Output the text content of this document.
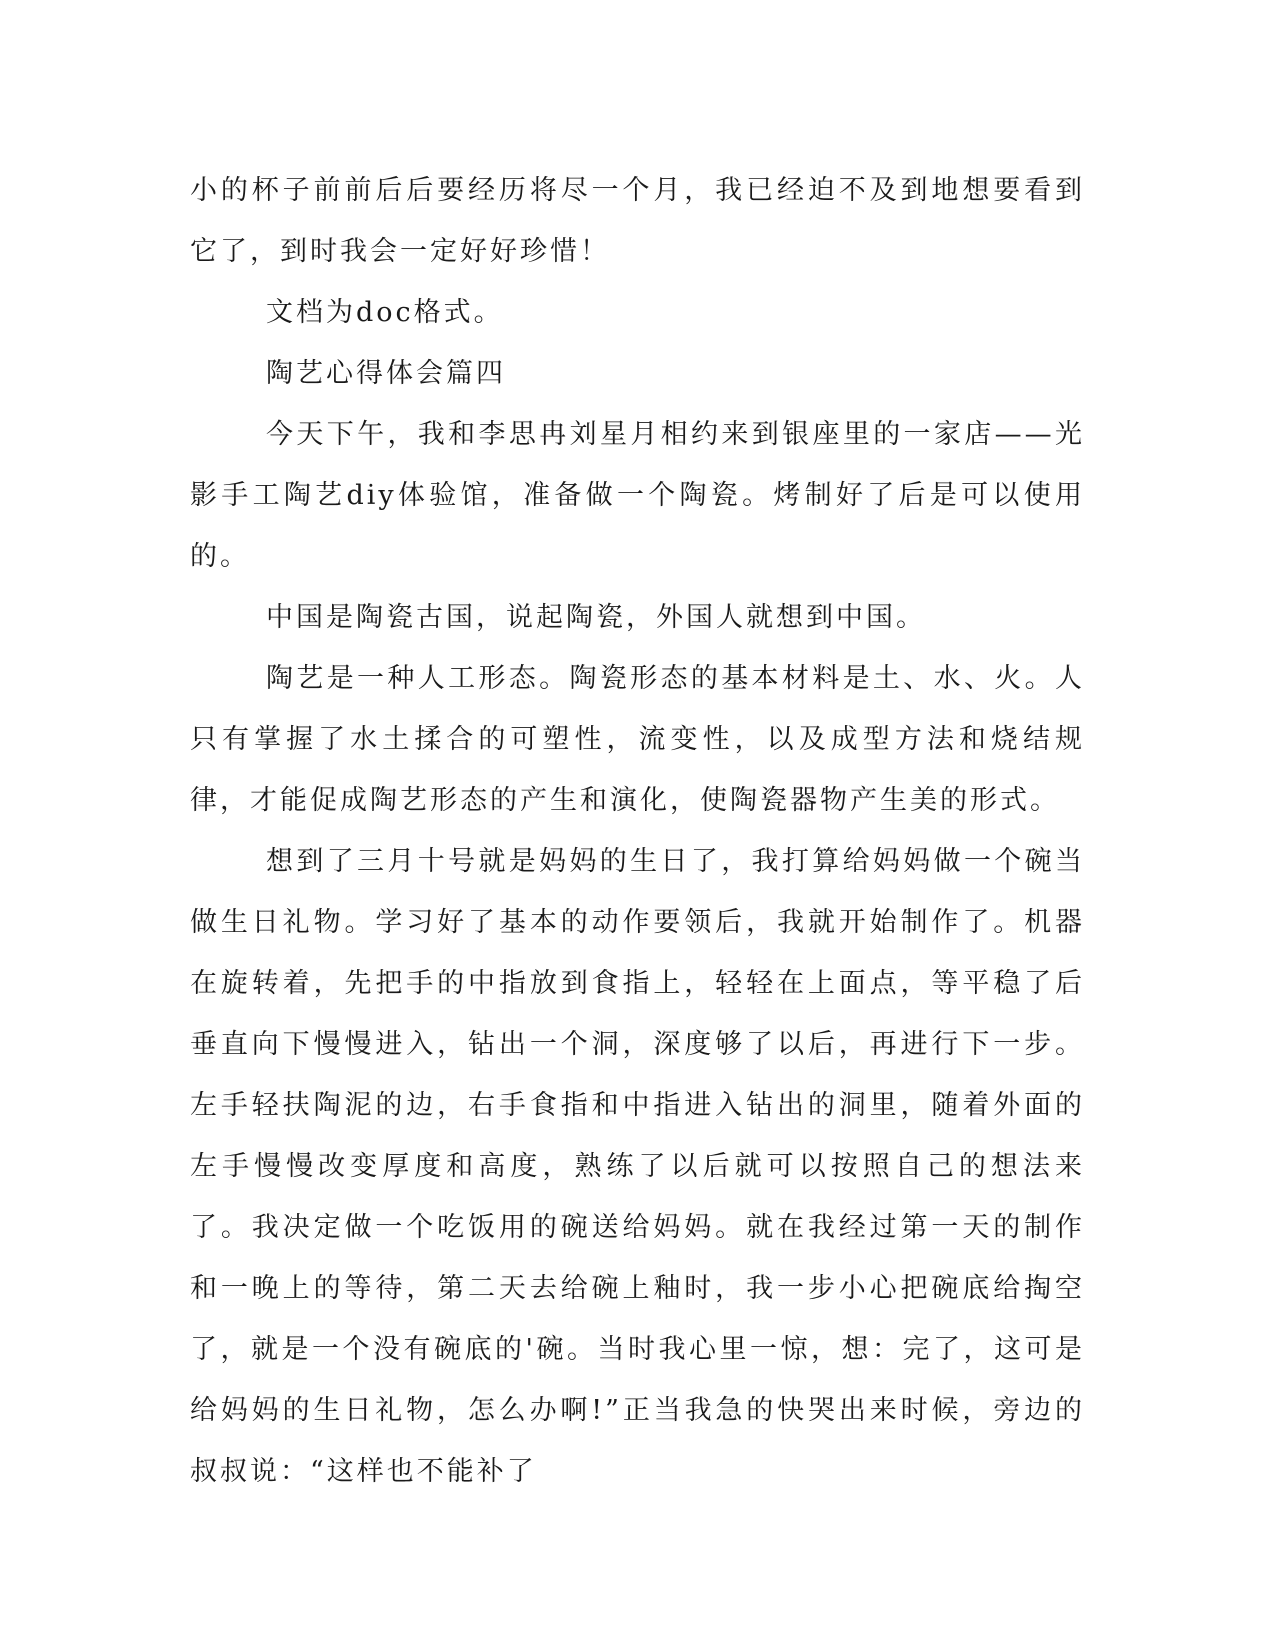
小的杯子前前后后要经历将尽一个月，我已经迫不及到地想要看到它了，到时我会一定好好珍惜！

文档为doc格式。

陶艺心得体会篇四

今天下午，我和李思冉刘星月相约来到银座里的一家店——光影手工陶艺diy体验馆，准备做一个陶瓷。烤制好了后是可以使用的。

中国是陶瓷古国，说起陶瓷，外国人就想到中国。

陶艺是一种人工形态。陶瓷形态的基本材料是土、水、火。人只有掌握了水土揉合的可塑性，流变性，以及成型方法和烧结规律，才能促成陶艺形态的产生和演化，使陶瓷器物产生美的形式。

想到了三月十号就是妈妈的生日了，我打算给妈妈做一个碗当做生日礼物。学习好了基本的动作要领后，我就开始制作了。机器在旋转着，先把手的中指放到食指上，轻轻在上面点，等平稳了后垂直向下慢慢进入，钻出一个洞，深度够了以后，再进行下一步。左手轻扶陶泥的边，右手食指和中指进入钻出的洞里，随着外面的左手慢慢改变厚度和高度，熟练了以后就可以按照自己的想法来了。我决定做一个吃饭用的碗送给妈妈。就在我经过第一天的制作和一晚上的等待，第二天去给碗上釉时，我一步小心把碗底给掏空了，就是一个没有碗底的'碗。当时我心里一惊，想：完了，这可是给妈妈的生日礼物，怎么办啊!”正当我急的快哭出来时候，旁边的叔叔说：“这样也不能补了
